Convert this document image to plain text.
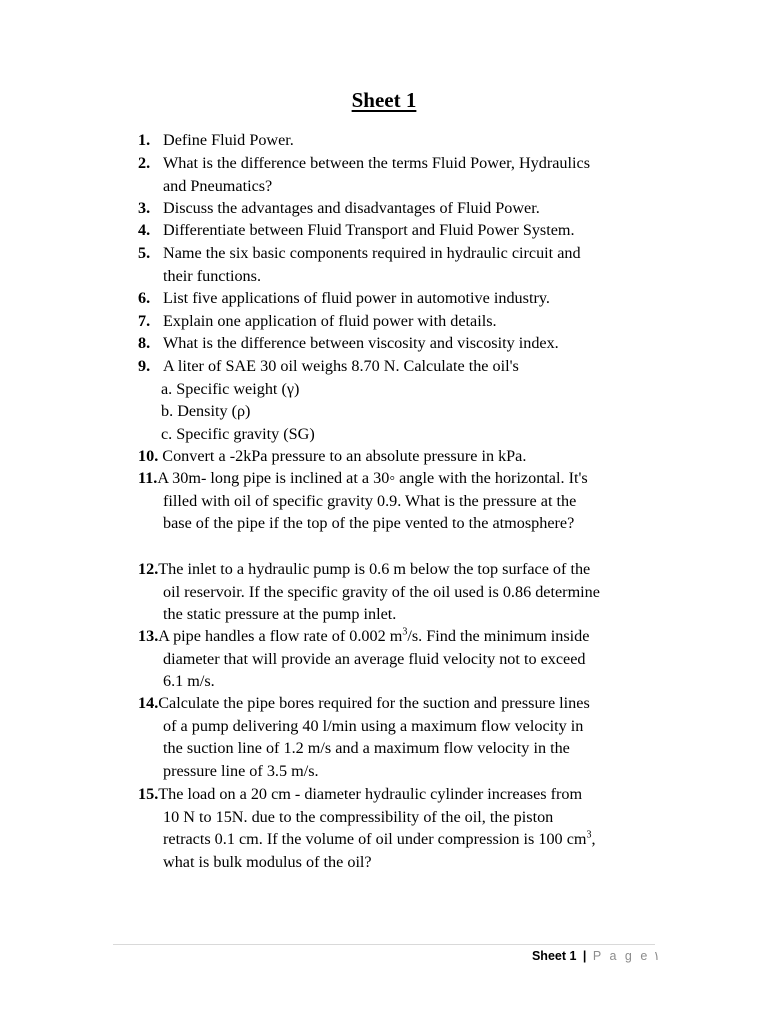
Sheet 1
1. Define Fluid Power.
2. What is the difference between the terms Fluid Power, Hydraulics
and Pneumatics?
3. Discuss the advantages and disadvantages of Fluid Power.
4. Differentiate between Fluid Transport and Fluid Power System.
5. Name the six basic components required in hydraulic circuit and
their functions.
6. List five applications of fluid power in automotive industry.
7. Explain one application of fluid power with details.
8. What is the difference between viscosity and viscosity index.
9. A liter of SAE 30 oil weighs 8.70 N. Calculate the oil's
a. Specific weight (γ)
b. Density (ρ)
c. Specific gravity (SG)
10. Convert a -2kPa pressure to an absolute pressure in kPa.
11.A 30m- long pipe is inclined at a 30◦ angle with the horizontal. It's
filled with oil of specific gravity 0.9. What is the pressure at the
base of the pipe if the top of the pipe vented to the atmosphere?
12.The inlet to a hydraulic pump is 0.6 m below the top surface of the
oil reservoir. If the specific gravity of the oil used is 0.86 determine
the static pressure at the pump inlet.
13.A pipe handles a flow rate of 0.002 $m^3/s$. Find the minimum inside
diameter that will provide an average fluid velocity not to exceed
6.1 m/s.
14.Calculate the pipe bores required for the suction and pressure lines
of a pump delivering 40 l/min using a maximum flow velocity in
the suction line of 1.2 m/s and a maximum flow velocity in the
pressure line of 3.5 m/s.
15.The load on a 20 cm - diameter hydraulic cylinder increases from
10 N to 15N. due to the compressibility of the oil, the piston
retracts 0.1 cm. If the volume of oil under compression is 100 $cm^3$,
what is bulk modulus of the oil?
Sheet 1 | P a g e ١
